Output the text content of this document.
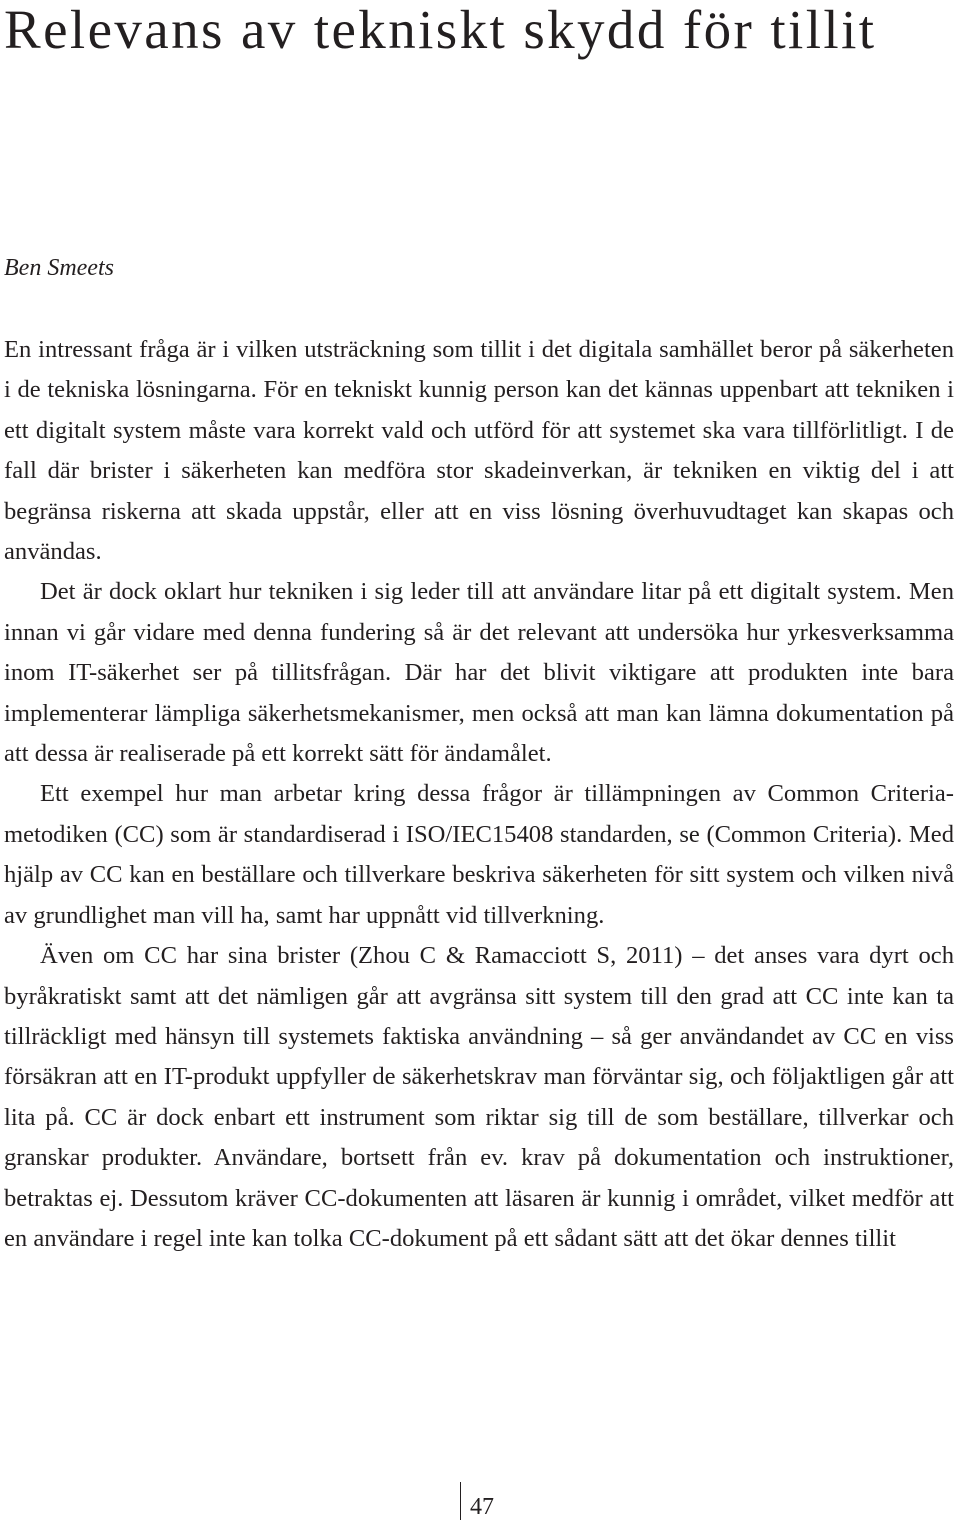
Relevans av tekniskt skydd för tillit

Ben Smeets

En intressant fråga är i vilken utsträckning som tillit i det digitala samhället beror på säkerheten i de tekniska lösningarna. För en tekniskt kunnig person kan det kännas uppenbart att tekniken i ett digitalt system måste vara korrekt vald och utförd för att systemet ska vara tillförlitligt. I de fall där brister i säkerheten kan medföra stor skadeinverkan, är tekniken en viktig del i att begränsa riskerna att skada uppstår, eller att en viss lösning överhuvudtaget kan skapas och användas.

Det är dock oklart hur tekniken i sig leder till att användare litar på ett digitalt system. Men innan vi går vidare med denna fundering så är det relevant att undersöka hur yrkesverksamma inom IT-säkerhet ser på tillitsfrågan. Där har det blivit viktigare att produkten inte bara implementerar lämpliga säkerhetsmekanismer, men också att man kan lämna dokumentation på att dessa är realiserade på ett korrekt sätt för ändamålet.

Ett exempel hur man arbetar kring dessa frågor är tillämpningen av Common Criteria-metodiken (CC) som är standardiserad i ISO/IEC15408 standarden, se (Common Criteria). Med hjälp av CC kan en beställare och tillverkare beskriva säkerheten för sitt system och vilken nivå av grundlighet man vill ha, samt har uppnått vid tillverkning.

Även om CC har sina brister (Zhou C & Ramacciott S, 2011) – det anses vara dyrt och byråkratiskt samt att det nämligen går att avgränsa sitt system till den grad att CC inte kan ta tillräckligt med hänsyn till systemets faktiska användning – så ger användandet av CC en viss försäkran att en IT-produkt uppfyller de säkerhetskrav man förväntar sig, och följaktligen går att lita på. CC är dock enbart ett instrument som riktar sig till de som beställare, tillverkar och granskar produkter. Användare, bortsett från ev. krav på dokumentation och instruktioner, betraktas ej. Dessutom kräver CC-dokumenten att läsaren är kunnig i området, vilket medför att en användare i regel inte kan tolka CC-dokument på ett sådant sätt att det ökar dennes tillit

47
